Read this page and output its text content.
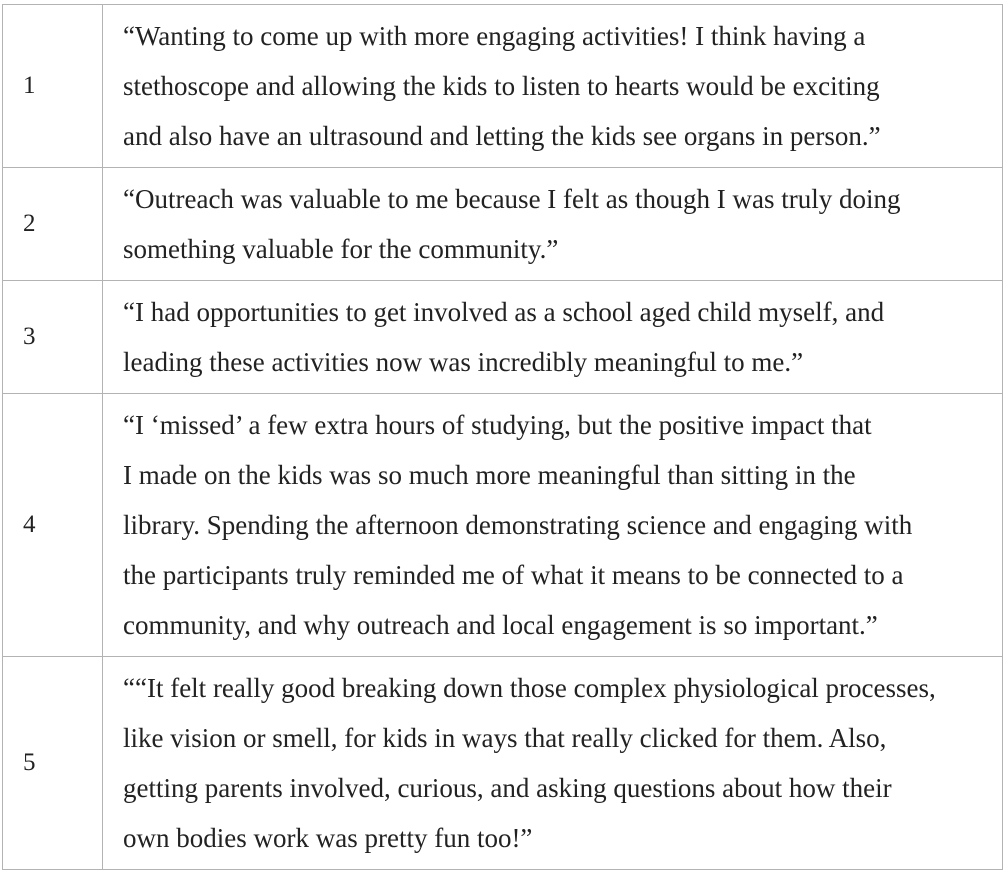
1	“Wanting to come up with more engaging activities! I think having a
stethoscope and allowing the kids to listen to hearts would be exciting
and also have an ultrasound and letting the kids see organs in person.”

2	“Outreach was valuable to me because I felt as though I was truly doing
something valuable for the community.”

3	“I had opportunities to get involved as a school aged child myself, and
leading these activities now was incredibly meaningful to me.”

4	“I ‘missed’ a few extra hours of studying, but the positive impact that
I made on the kids was so much more meaningful than sitting in the
library. Spending the afternoon demonstrating science and engaging with
the participants truly reminded me of what it means to be connected to a
community, and why outreach and local engagement is so important.”

5	““It felt really good breaking down those complex physiological processes,
like vision or smell, for kids in ways that really clicked for them. Also,
getting parents involved, curious, and asking questions about how their
own bodies work was pretty fun too!”
